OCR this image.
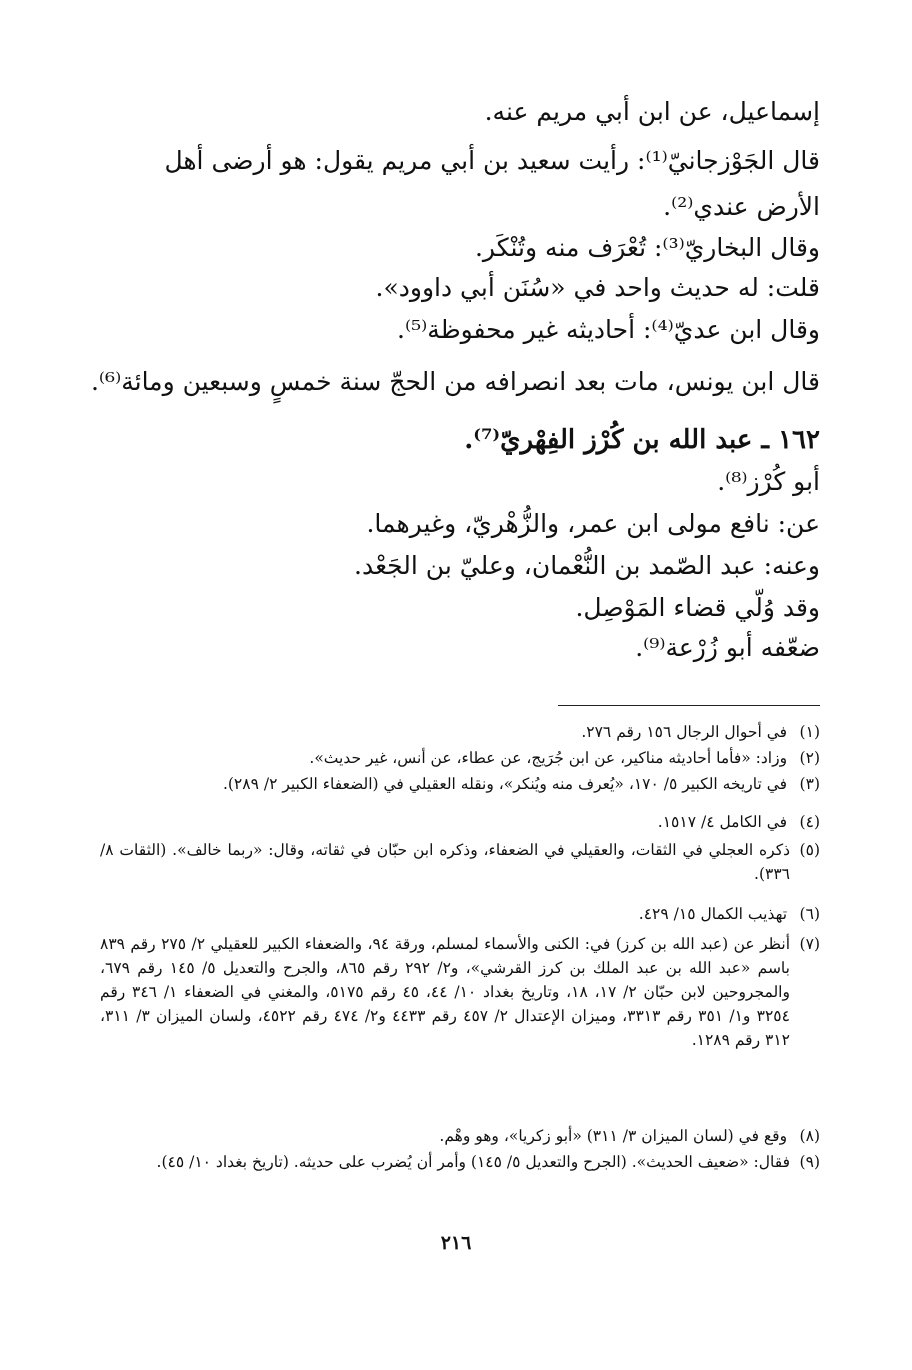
إسماعيل، عن ابن أبي مريم عنه.
قال الجَوْزجانيّ⁽¹⁾: رأيت سعيد بن أبي مريم يقول: هو أرضى أهل الأرض عندي⁽²⁾.
وقال البخاريّ⁽³⁾: تُعْرَف منه وتُنْكَر.
قلت: له حديث واحد في «سُنَن أبي داوود».
وقال ابن عديّ⁽⁴⁾: أحاديثه غير محفوظة⁽⁵⁾.
قال ابن يونس، مات بعد انصرافه من الحجّ سنة خمسٍ وسبعين ومائة⁽⁶⁾.
١٦٢ ـ عبد الله بن كُرْز الفِهْريّ⁽⁷⁾.
أبو كُرْز⁽⁸⁾.
عن: نافع مولى ابن عمر، والزُّهْريّ، وغيرهما.
وعنه: عبد الصّمد بن النُّعْمان، وعليّ بن الجَعْد.
وقد وُلّي قضاء المَوْصِل.
ضعّفه أبو زُرْعة⁽⁹⁾.
(١) في أحوال الرجال ١٥٦ رقم ٢٧٦.
(٢) وزاد: «فأما أحاديثه مناكير، عن ابن جُرَيج، عن عطاء، عن أنس، غير حديث».
(٣) في تاريخه الكبير ٥/ ١٧٠، «يُعرف منه ويُنكر»، ونقله العقيلي في (الضعفاء الكبير ٢/ ٢٨٩).
(٤) في الكامل ٤/ ١٥١٧.
(٥)
ذكره العجلي في الثقات، والعقيلي في الضعفاء، وذكره ابن حبّان في ثقاته، وقال: «ربما خالف». (الثقات ٨/ ٣٣٦).
(٦) تهذيب الكمال ١٥/ ٤٢٩.
(٧)
أنظر عن (عبد الله بن كرز) في: الكنى والأسماء لمسلم، ورقة ٩٤، والضعفاء الكبير للعقيلي ٢/ ٢٧٥ رقم ٨٣٩ باسم «عبد الله بن عبد الملك بن كرز القرشي»، و٢/ ٢٩٢ رقم ٨٦٥، والجرح والتعديل ٥/ ١٤٥ رقم ٦٧٩، والمجروحين لابن حبّان ٢/ ١٧، ١٨، وتاريخ بغداد ١٠/ ٤٤، ٤٥ رقم ٥١٧٥، والمغني في الضعفاء ١/ ٣٤٦ رقم ٣٢٥٤ و١/ ٣٥١ رقم ٣٣١٣، وميزان الإعتدال ٢/ ٤٥٧ رقم ٤٤٣٣ و٢/ ٤٧٤ رقم ٤٥٢٢، ولسان الميزان ٣/ ٣١١، ٣١٢ رقم ١٢٨٩.
(٨) وقع في (لسان الميزان ٣/ ٣١١) «أبو زكريا»، وهو وهْم.
(٩)
فقال: «ضعيف الحديث». (الجرح والتعديل ٥/ ١٤٥) وأمر أن يُضرب على حديثه. (تاريخ بغداد ١٠/ ٤٥).
٢١٦
